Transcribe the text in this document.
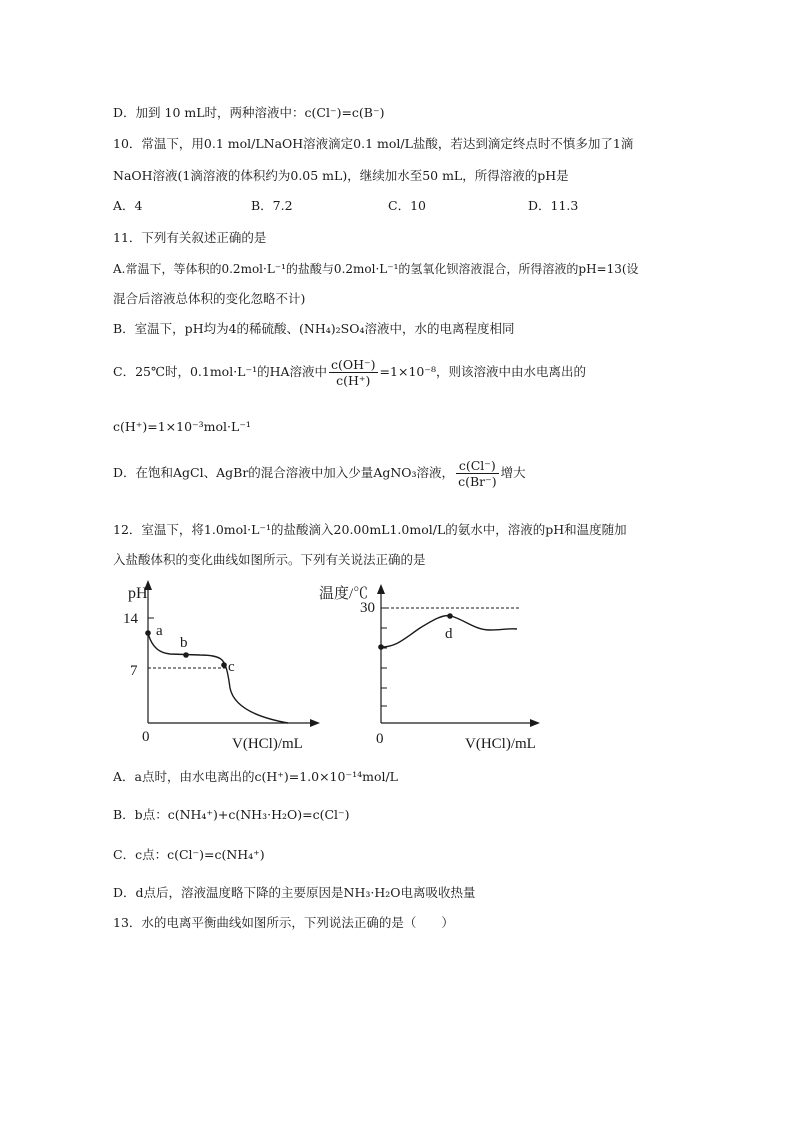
D．加到 10 mL时，两种溶液中：c(Cl⁻)=c(B⁻)
10．常温下，用0.1 mol/LNaOH溶液滴定0.1 mol/L盐酸，若达到滴定终点时不慎多加了1滴
NaOH溶液(1滴溶液的体积约为0.05 mL)，继续加水至50 mL，所得溶液的pH是
A．4	B．7.2	C．10	D．11.3
11．下列有关叙述正确的是
A.常温下，等体积的0.2mol·L⁻¹的盐酸与0.2mol·L⁻¹的氢氧化钡溶液混合，所得溶液的pH=13(设
混合后溶液总体积的变化忽略不计)
B．室温下，pH均为4的稀硫酸、(NH₄)₂SO₄溶液中，水的电离程度相同
C．25℃时，0.1mol·L⁻¹的HA溶液中 $\frac{c(OH^-)}{c(H^+)} =1\times 10^{-8}$，则该溶液中由水电离出的
c(H⁺)=1×10⁻³mol·L⁻¹
D．在饱和AgCl、AgBr的混合溶液中加入少量AgNO₃溶液， $\frac{c(Cl^-)}{c(Br^-)}$ 增大
12．室温下，将1.0mol·L⁻¹的盐酸滴入20.00mL1.0mol/L的氨水中，溶液的pH和温度随加
入盐酸体积的变化曲线如图所示。下列有关说法正确的是
pH
14
7
0	V(HCl)/mL
a
b
c
温度/℃
30
d
0	V(HCl)/mL
A．a点时，由水电离出的c(H⁺)=1.0×10⁻¹⁴mol/L
B．b点：c(NH₄⁺)+c(NH₃·H₂O)=c(Cl⁻)
C．c点：c(Cl⁻)=c(NH₄⁺)
D．d点后，溶液温度略下降的主要原因是NH₃·H₂O电离吸收热量
13．水的电离平衡曲线如图所示，下列说法正确的是（　　）
